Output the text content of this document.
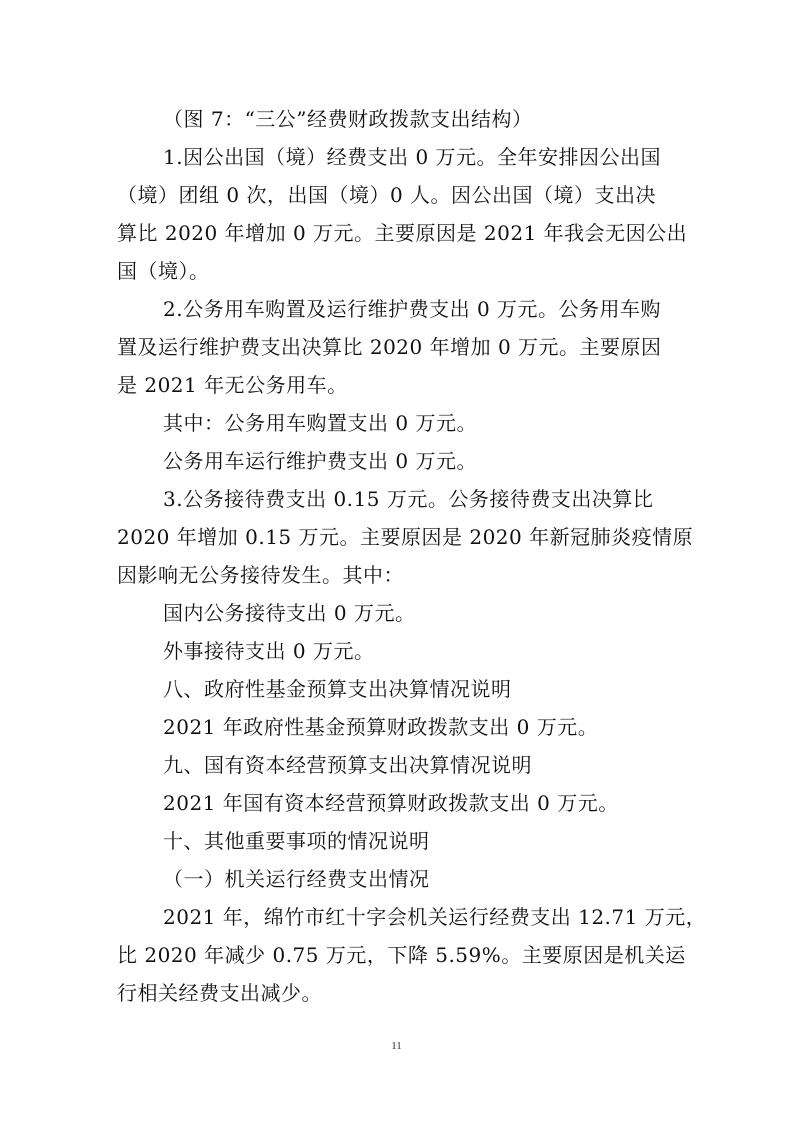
（图 7：“三公”经费财政拨款支出结构）
1.因公出国（境）经费支出 0 万元。全年安排因公出国
（境）团组 0 次，出国（境）0 人。因公出国（境）支出决
算比 2020 年增加 0 万元。主要原因是 2021 年我会无因公出
国（境）。
2.公务用车购置及运行维护费支出 0 万元。公务用车购
置及运行维护费支出决算比 2020 年增加 0 万元。主要原因
是 2021 年无公务用车。
其中：公务用车购置支出 0 万元。
公务用车运行维护费支出 0 万元。
3.公务接待费支出 0.15 万元。公务接待费支出决算比
2020 年增加 0.15 万元。主要原因是 2020 年新冠肺炎疫情原
因影响无公务接待发生。其中：
国内公务接待支出 0 万元。
外事接待支出 0 万元。
八、政府性基金预算支出决算情况说明
2021 年政府性基金预算财政拨款支出 0 万元。
九、国有资本经营预算支出决算情况说明
2021 年国有资本经营预算财政拨款支出 0 万元。
十、其他重要事项的情况说明
（一）机关运行经费支出情况
2021 年，绵竹市红十字会机关运行经费支出 12.71 万元，
比 2020 年减少 0.75 万元，下降 5.59%。主要原因是机关运
行相关经费支出减少。
11
